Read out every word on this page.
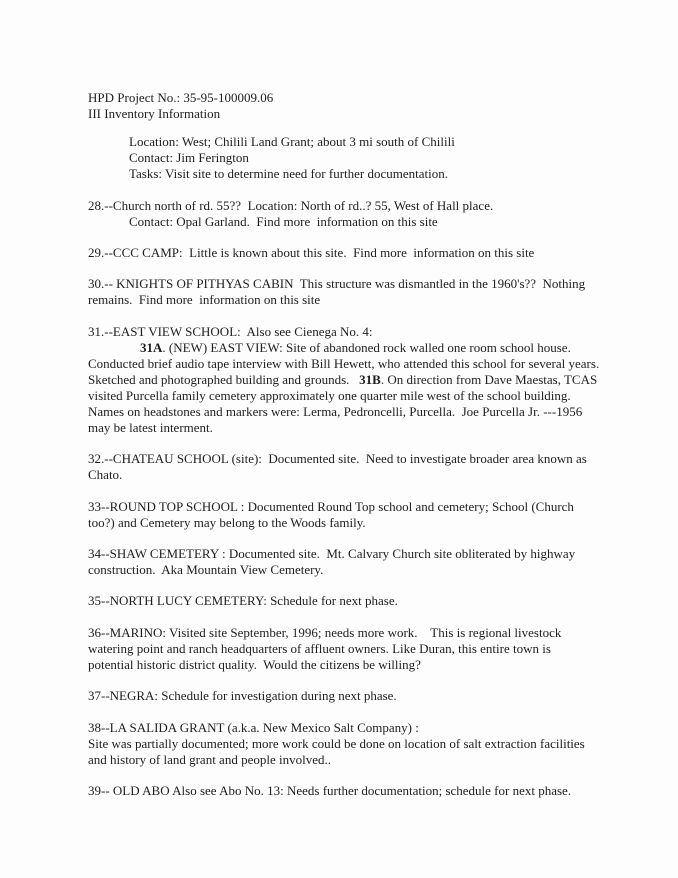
HPD Project No.: 35-95-100009.06
III Inventory Information
Location: West; Chilili Land Grant; about 3 mi south of Chilili
Contact: Jim Ferington
Tasks: Visit site to determine need for further documentation.
28.--Church north of rd. 55??  Location: North of rd..? 55, West of Hall place.
Contact: Opal Garland.  Find more  information on this site
29.--CCC CAMP:  Little is known about this site.  Find more  information on this site
30.-- KNIGHTS OF PITHYAS CABIN  This structure was dismantled in the 1960's??  Nothing
remains.  Find more  information on this site
31.--EAST VIEW SCHOOL:  Also see Cienega No. 4:
31A. (NEW) EAST VIEW: Site of abandoned rock walled one room school house.
Conducted brief audio tape interview with Bill Hewett, who attended this school for several years.
Sketched and photographed building and grounds.   31B. On direction from Dave Maestas, TCAS
visited Purcella family cemetery approximately one quarter mile west of the school building.
Names on headstones and markers were: Lerma, Pedroncelli, Purcella.  Joe Purcella Jr. ---1956
may be latest interment.
32.--CHATEAU SCHOOL (site):  Documented site.  Need to investigate broader area known as
Chato.
33--ROUND TOP SCHOOL : Documented Round Top school and cemetery; School (Church
too?) and Cemetery may belong to the Woods family.
34--SHAW CEMETERY : Documented site.  Mt. Calvary Church site obliterated by highway
construction.  Aka Mountain View Cemetery.
35--NORTH LUCY CEMETERY: Schedule for next phase.
36--MARINO: Visited site September, 1996; needs more work.    This is regional livestock
watering point and ranch headquarters of affluent owners. Like Duran, this entire town is
potential historic district quality.  Would the citizens be willing?
37--NEGRA: Schedule for investigation during next phase.
38--LA SALIDA GRANT (a.k.a. New Mexico Salt Company) :
Site was partially documented; more work could be done on location of salt extraction facilities
and history of land grant and people involved..
39-- OLD ABO Also see Abo No. 13: Needs further documentation; schedule for next phase.
